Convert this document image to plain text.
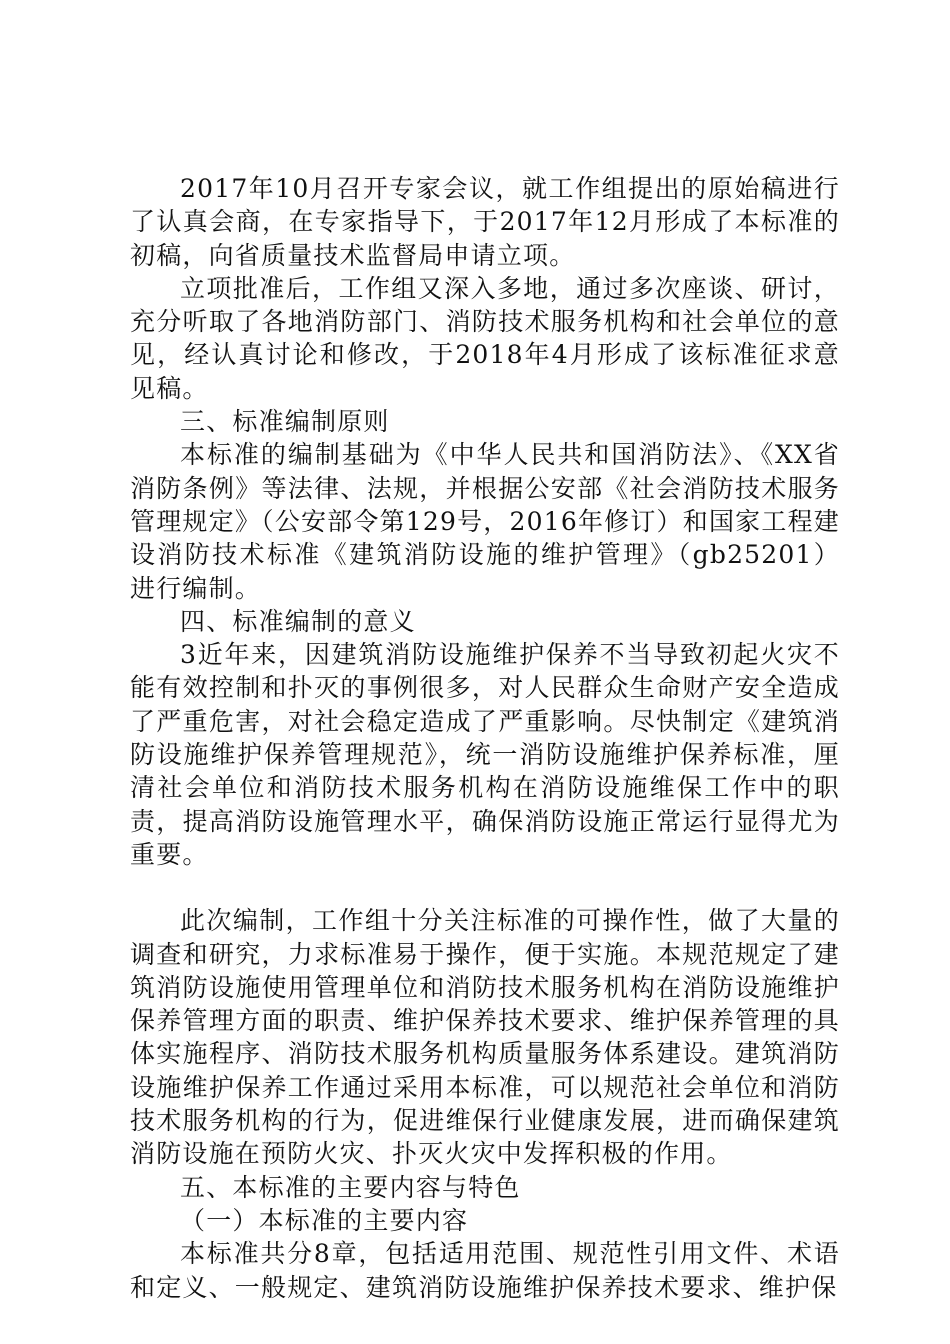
2017年10月召开专家会议，就工作组提出的原始稿进行了认真会商，在专家指导下，于2017年12月形成了本标准的初稿，向省质量技术监督局申请立项。

立项批准后，工作组又深入多地，通过多次座谈、研讨，充分听取了各地消防部门、消防技术服务机构和社会单位的意见，经认真讨论和修改，于2018年4月形成了该标准征求意见稿。

三、标准编制原则

本标准的编制基础为《中华人民共和国消防法》、《XX省消防条例》等法律、法规，并根据公安部《社会消防技术服务管理规定》（公安部令第129号，2016年修订）和国家工程建设消防技术标准《建筑消防设施的维护管理》（gb25201）进行编制。

四、标准编制的意义

3近年来，因建筑消防设施维护保养不当导致初起火灾不能有效控制和扑灭的事例很多，对人民群众生命财产安全造成了严重危害，对社会稳定造成了严重影响。尽快制定《建筑消防设施维护保养管理规范》，统一消防设施维护保养标准，厘清社会单位和消防技术服务机构在消防设施维保工作中的职责，提高消防设施管理水平，确保消防设施正常运行显得尤为重要。

此次编制，工作组十分关注标准的可操作性，做了大量的调查和研究，力求标准易于操作，便于实施。本规范规定了建筑消防设施使用管理单位和消防技术服务机构在消防设施维护保养管理方面的职责、维护保养技术要求、维护保养管理的具体实施程序、消防技术服务机构质量服务体系建设。建筑消防设施维护保养工作通过采用本标准，可以规范社会单位和消防技术服务机构的行为，促进维保行业健康发展，进而确保建筑消防设施在预防火灾、扑灭火灾中发挥积极的作用。

五、本标准的主要内容与特色

（一）本标准的主要内容

本标准共分8章，包括适用范围、规范性引用文件、术语和定义、一般规定、建筑消防设施维护保养技术要求、维护保
